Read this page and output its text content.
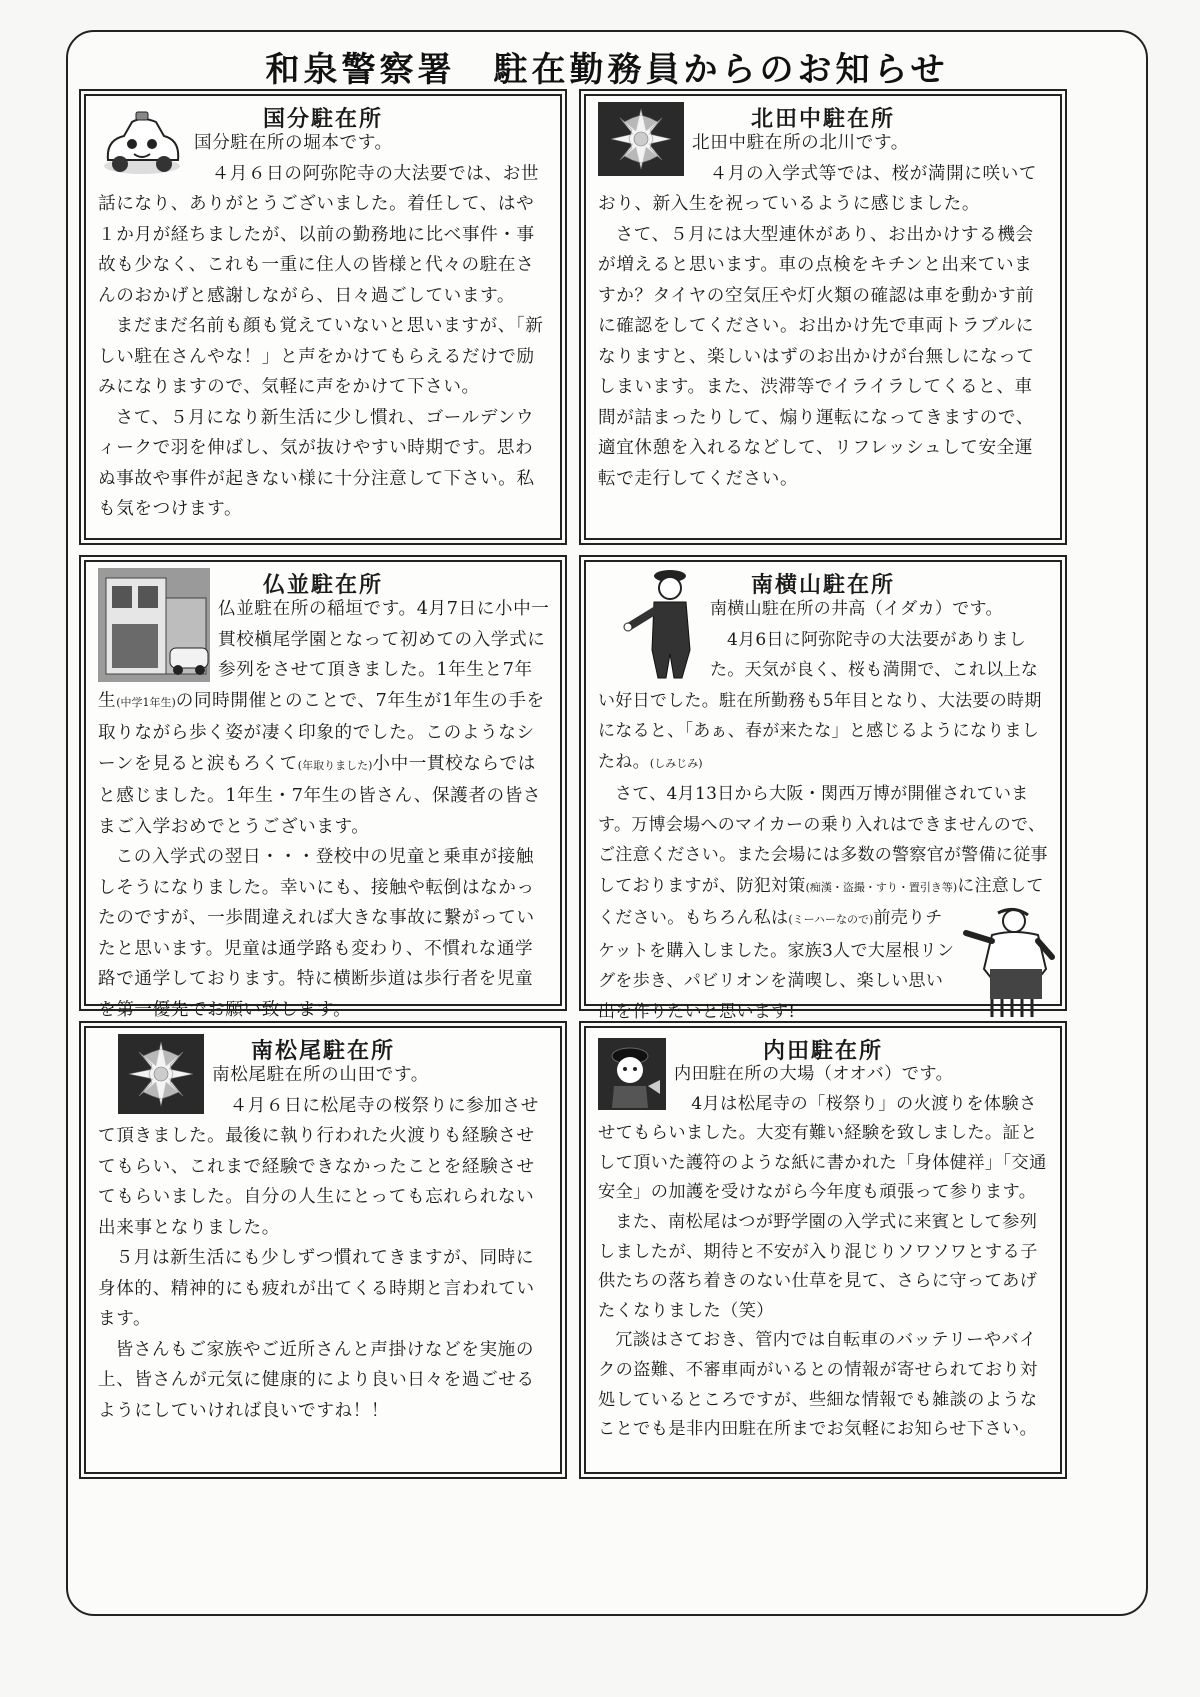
和泉警察署　駐在勤務員からのお知らせ
国分駐在所

国分駐在所の堀本です。

４月６日の阿弥陀寺の大法要では、お世話になり、ありがとうございました。着任して、はや１か月が経ちましたが、以前の勤務地に比べ事件・事故も少なく、これも一重に住人の皆様と代々の駐在さんのおかげと感謝しながら、日々過ごしています。

まだまだ名前も顔も覚えていないと思いますが、「新しい駐在さんやな！」と声をかけてもらえるだけで励みになりますので、気軽に声をかけて下さい。

さて、５月になり新生活に少し慣れ、ゴールデンウィークで羽を伸ばし、気が抜けやすい時期です。思わぬ事故や事件が起きない様に十分注意して下さい。私も気をつけます。

北田中駐在所

北田中駐在所の北川です。

４月の入学式等では、桜が満開に咲いており、新入生を祝っているように感じました。

さて、５月には大型連休があり、お出かけする機会が増えると思います。車の点検をキチンと出来ていますか？タイヤの空気圧や灯火類の確認は車を動かす前に確認をしてください。お出かけ先で車両トラブルになりますと、楽しいはずのお出かけが台無しになってしまいます。また、渋滞等でイライラしてくると、車間が詰まったりして、煽り運転になってきますので、適宜休憩を入れるなどして、リフレッシュして安全運転で走行してください。

仏並駐在所

仏並駐在所の稲垣です。4月7日に小中一貫校槇尾学園となって初めての入学式に参列をさせて頂きました。1年生と7年生(中学1年生)の同時開催とのことで、7年生が1年生の手を取りながら歩く姿が凄く印象的でした。このようなシーンを見ると涙もろくて(年取りました)小中一貫校ならではと感じました。1年生・7年生の皆さん、保護者の皆さまご入学おめでとうございます。

この入学式の翌日・・・登校中の児童と乗車が接触しそうになりました。幸いにも、接触や転倒はなかったのですが、一歩間違えれば大きな事故に繋がっていたと思います。児童は通学路も変わり、不慣れな通学路で通学しております。特に横断歩道は歩行者を児童を第一優先でお願い致します。

南横山駐在所

南横山駐在所の井高（イダカ）です。

4月6日に阿弥陀寺の大法要がありました。天気が良く、桜も満開で、これ以上ない好日でした。駐在所勤務も5年目となり、大法要の時期になると、「あぁ、春が来たな」と感じるようになりましたね。(しみじみ)

さて、4月13日から大阪・関西万博が開催されています。万博会場へのマイカーの乗り入れはできませんので、ご注意ください。また会場には多数の警察官が警備に従事しておりますが、防犯対策(痴漢・盗撮・すり・置引き等)に注意してください。もちろん私は
(ミーハーなので)前売りチケットを購入しました。家族3人で大屋根リングを歩き、パビリオンを満喫し、楽しい思い出を作りたいと思います!

南松尾駐在所

南松尾駐在所の山田です。

４月６日に松尾寺の桜祭りに参加させて頂きました。最後に執り行われた火渡りも経験させてもらい、これまで経験できなかったことを経験させてもらいました。自分の人生にとっても忘れられない出来事となりました。

５月は新生活にも少しずつ慣れてきますが、同時に身体的、精神的にも疲れが出てくる時期と言われています。

皆さんもご家族やご近所さんと声掛けなどを実施の上、皆さんが元気に健康的により良い日々を過ごせるようにしていければ良いですね！！

内田駐在所

内田駐在所の大場（オオバ）です。

4月は松尾寺の「桜祭り」の火渡りを体験させてもらいました。大変有難い経験を致しました。証として頂いた護符のような紙に書かれた「身体健祥」「交通安全」の加護を受けながら今年度も頑張って参ります。

また、南松尾はつが野学園の入学式に来賓として参列しましたが、期待と不安が入り混じりソワソワとする子供たちの落ち着きのない仕草を見て、さらに守ってあげたくなりました（笑）

冗談はさておき、管内では自転車のバッテリーやバイクの盗難、不審車両がいるとの情報が寄せられており対処しているところですが、些細な情報でも雑談のようなことでも是非内田駐在所までお気軽にお知らせ下さい。
